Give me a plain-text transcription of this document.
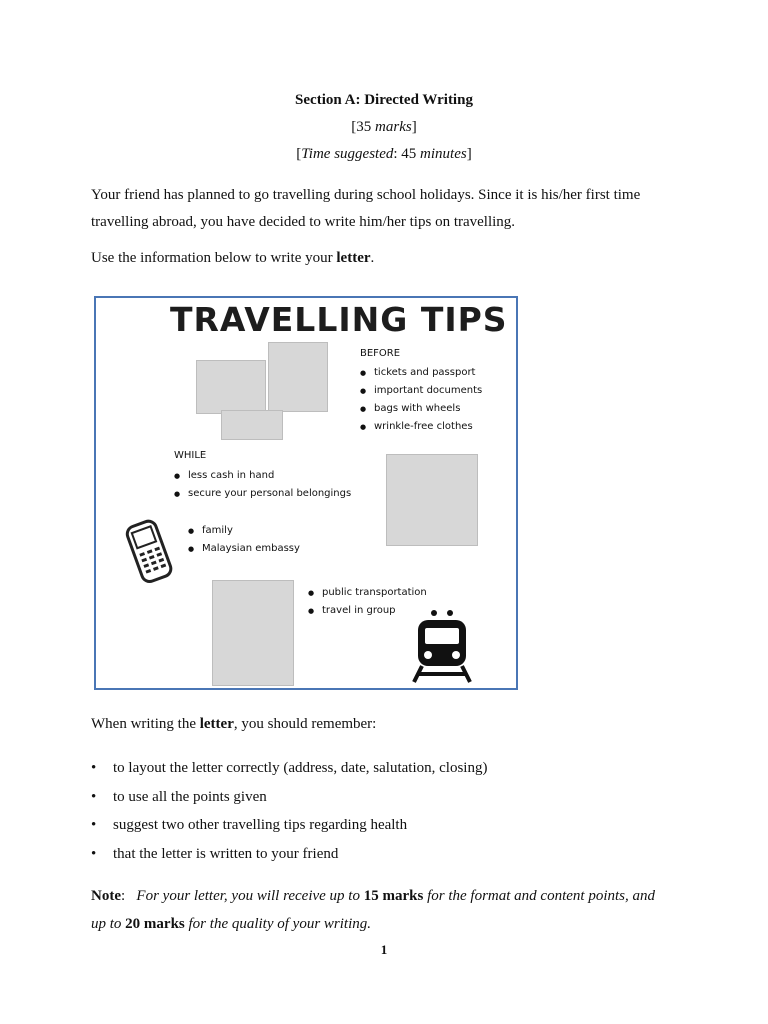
Section A: Directed Writing
[35 marks]
[Time suggested: 45 minutes]
Your friend has planned to go travelling during school holidays. Since it is his/her first time
travelling abroad, you have decided to write him/her tips on travelling.
Use the information below to write your letter.
TRAVELLING TIPS
BEFORE
● tickets and passport
● important documents
● bags with wheels
● wrinkle-free clothes
WHILE
● less cash in hand
● secure your personal belongings
● family
● Malaysian embassy
● public transportation
● travel in group
When writing the letter, you should remember:
• to layout the letter correctly (address, date, salutation, closing)
• to use all the points given
• suggest two other travelling tips regarding health
• that the letter is written to your friend
Note: For your letter, you will receive up to 15 marks for the format and content points, and
up to 20 marks for the quality of your writing.
1
